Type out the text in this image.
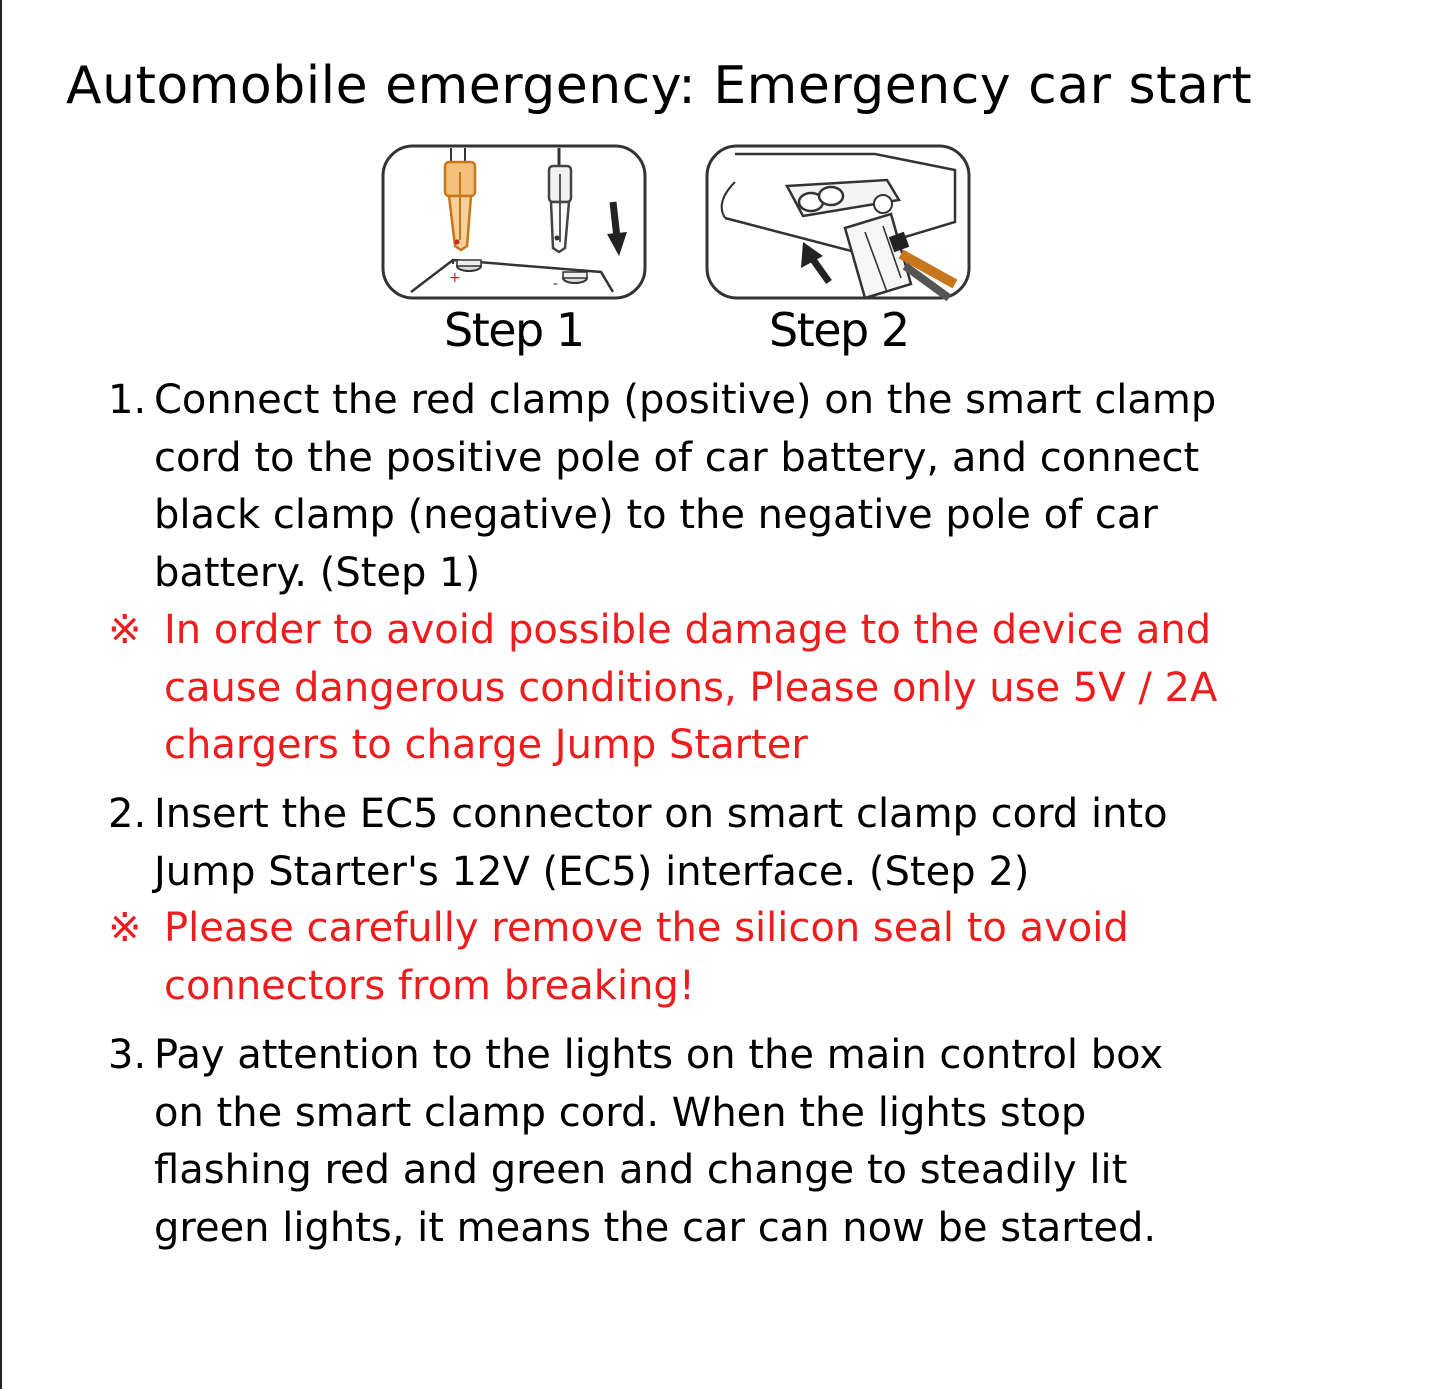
Automobile emergency: Emergency car start
+	-
Step 1	Step 2
1. Connect the red clamp (positive) on the smart clamp
cord to the positive pole of car battery, and connect
black clamp (negative) to the negative pole of car
battery. (Step 1)
※ In order to avoid possible damage to the device and
cause dangerous conditions, Please only use 5V / 2A
chargers to charge Jump Starter
2. Insert the EC5 connector on smart clamp cord into
Jump Starter's 12V (EC5) interface. (Step 2)
※ Please carefully remove the silicon seal to avoid
connectors from breaking!
3. Pay attention to the lights on the main control box
on the smart clamp cord. When the lights stop
flashing red and green and change to steadily lit
green lights, it means the car can now be started.
